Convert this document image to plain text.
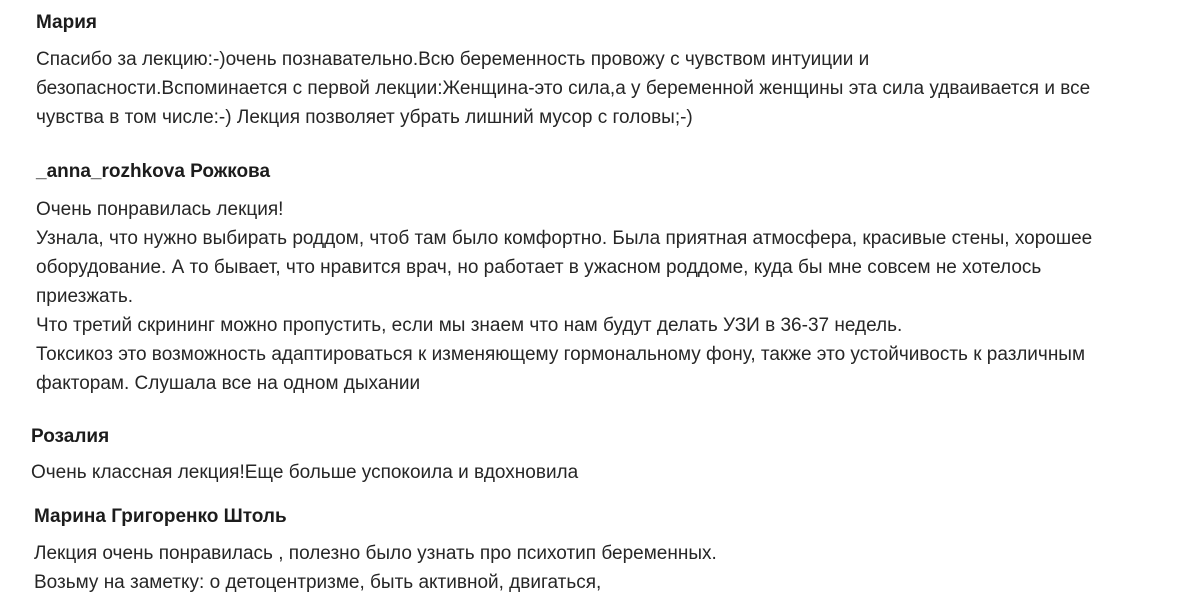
Мария
Спасибо за лекцию:-)очень познавательно.Всю беременность провожу с чувством интуиции и
безопасности.Вспоминается с первой лекции:Женщина-это сила,а у беременной женщины эта сила удваивается и все
чувства в том числе:-) Лекция позволяет убрать лишний мусор с головы;-)
_anna_rozhkova Рожкова
Очень понравилась лекция!
Узнала, что нужно выбирать роддом, чтоб там было комфортно. Была приятная атмосфера, красивые стены, хорошее
оборудование. А то бывает, что нравится врач, но работает в ужасном роддоме, куда бы мне совсем не хотелось
приезжать.
Что третий скрининг можно пропустить, если мы знаем что нам будут делать УЗИ в 36-37 недель.
Токсикоз это возможность адаптироваться к изменяющему гормональному фону, также это устойчивость к различным
факторам. Слушала все на одном дыхании
Розалия
Очень классная лекция!Еще больше успокоила и вдохновила
Марина Григоренко Штоль
Лекция очень понравилась , полезно было узнать про психотип беременных.
Возьму на заметку: о детоцентризме, быть активной, двигаться,
